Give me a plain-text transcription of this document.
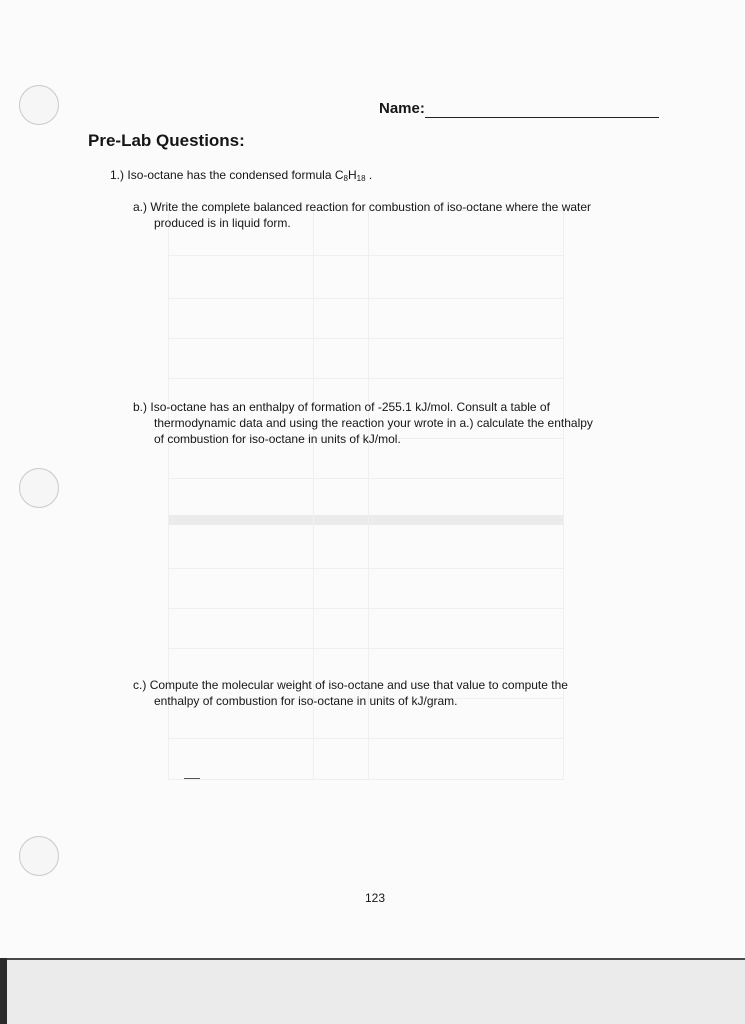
Name:
Pre-Lab Questions:
1.) Iso-octane has the condensed formula $C_8H_{18}$ .
a.) Write the complete balanced reaction for combustion of iso-octane where the water
produced is in liquid form.
b.) Iso-octane has an enthalpy of formation of -255.1 kJ/mol. Consult a table of
thermodynamic data and using the reaction your wrote in a.) calculate the enthalpy
of combustion for iso-octane in units of kJ/mol.
c.) Compute the molecular weight of iso-octane and use that value to compute the
enthalpy of combustion for iso-octane in units of kJ/gram.
123
